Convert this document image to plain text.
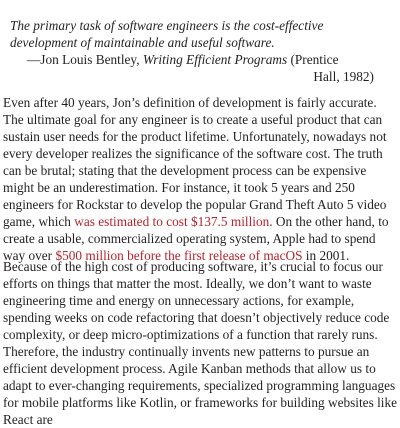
The primary task of software engineers is the cost-effective development of maintainable and useful software.

—Jon Louis Bentley, Writing Efficient Programs (Prentice
Hall, 1982)

Even after 40 years, Jon’s definition of development is fairly accurate. The ultimate goal for any engineer is to create a useful product that can sustain user needs for the product lifetime. Unfortunately, nowadays not every developer realizes the significance of the software cost. The truth can be brutal; stating that the development process can be expensive might be an underestimation. For instance, it took 5 years and 250 engineers for Rockstar to develop the popular Grand Theft Auto 5 video game, which was estimated to cost $137.5 million. On the other hand, to create a usable, commercialized operating system, Apple had to spend way over $500 million before the first release of macOS in 2001.

Because of the high cost of producing software, it’s crucial to focus our efforts on things that matter the most. Ideally, we don’t want to waste engineering time and energy on unnecessary actions, for example, spending weeks on code refactoring that doesn’t objectively reduce code complexity, or deep micro-optimizations of a function that rarely runs. Therefore, the industry continually invents new patterns to pursue an efficient development process. Agile Kanban methods that allow us to adapt to ever-changing requirements, specialized programming languages for mobile platforms like Kotlin, or frameworks for building websites like React are
